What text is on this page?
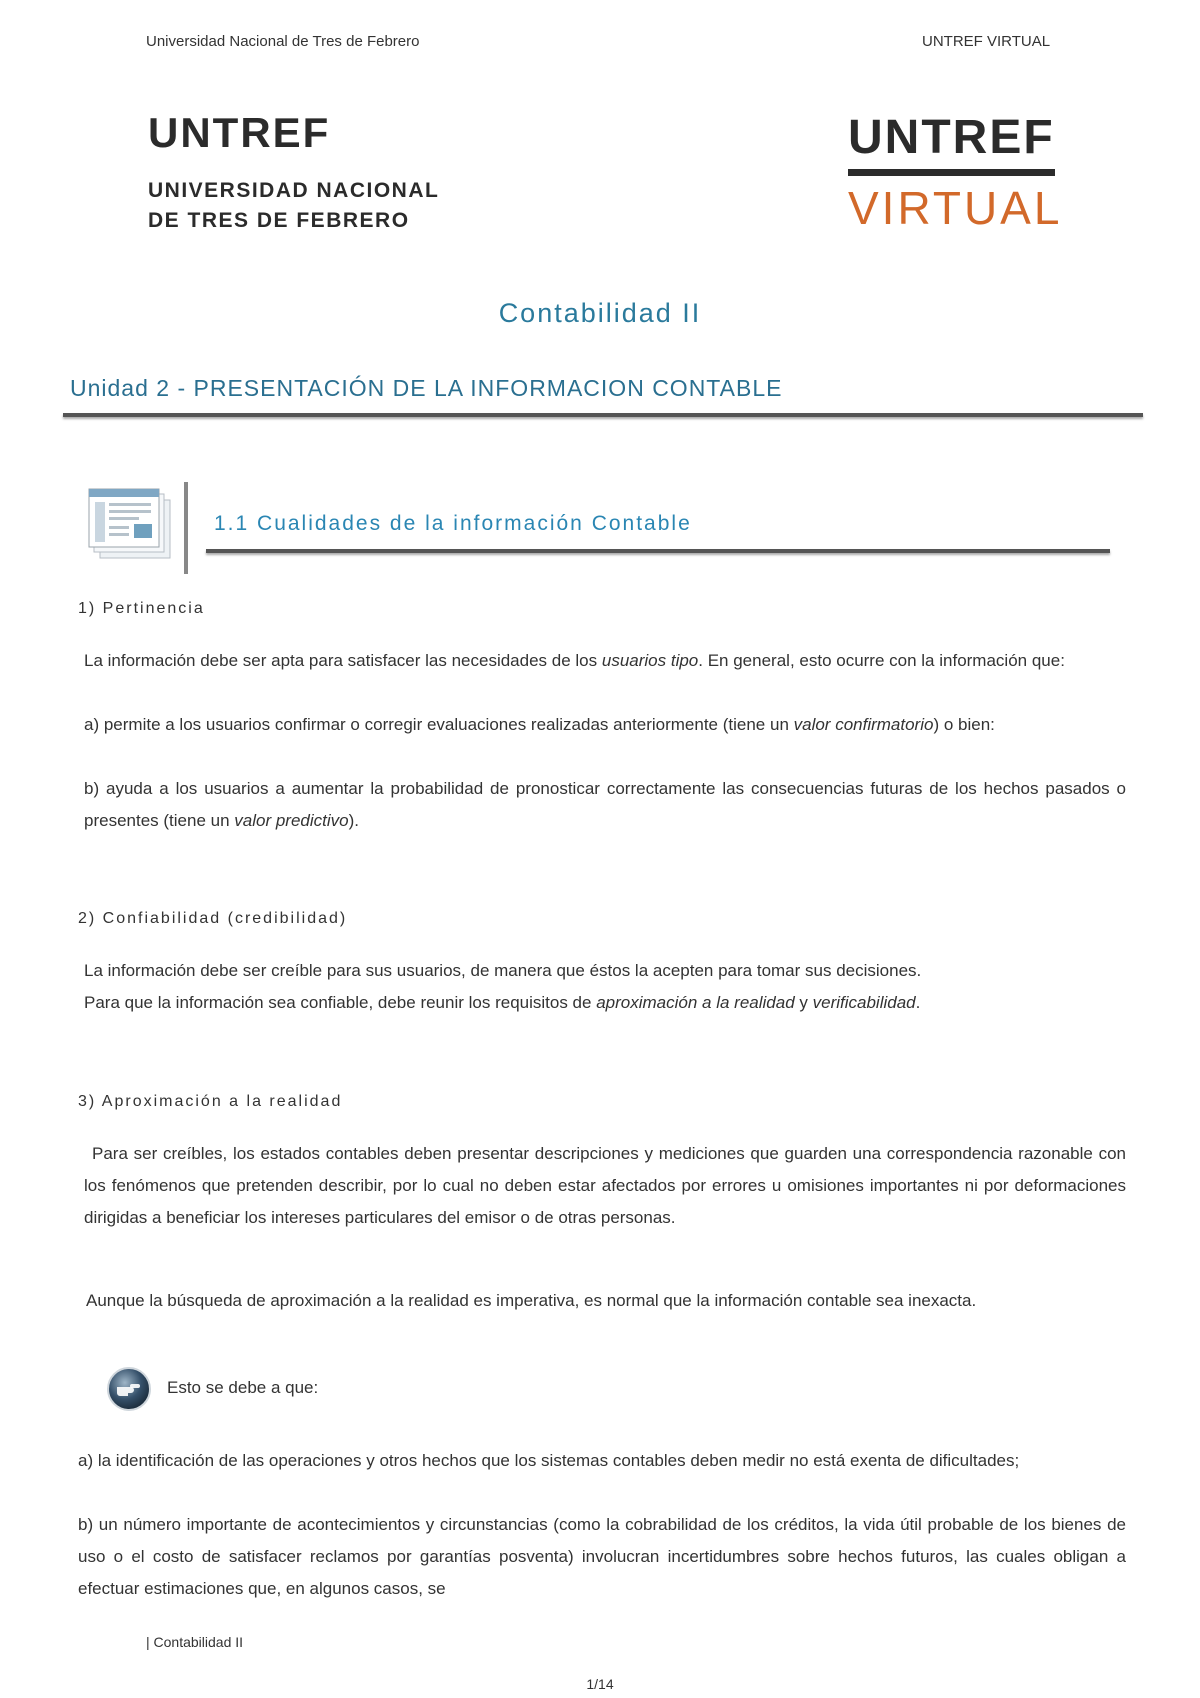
Universidad Nacional de Tres de Febrero	UNTREF VIRTUAL
UNTREF
UNIVERSIDAD NACIONAL
DE TRES DE FEBRERO
UNTREF
VIRTUAL
Contabilidad II
Unidad 2 - PRESENTACIÓN DE LA INFORMACION CONTABLE
1.1 Cualidades de la información Contable
1) Pertinencia
La información debe ser apta para satisfacer las necesidades de los usuarios tipo. En general, esto ocurre con la información que:
a) permite a los usuarios confirmar o corregir evaluaciones realizadas anteriormente (tiene un valor confirmatorio) o bien:
b) ayuda a los usuarios a aumentar la probabilidad de pronosticar correctamente las consecuencias futuras de los hechos pasados o presentes (tiene un valor predictivo).
2) Confiabilidad (credibilidad)
La información debe ser creíble para sus usuarios, de manera que éstos la acepten para tomar sus decisiones.
Para que la información sea confiable, debe reunir los requisitos de aproximación a la realidad y verificabilidad.
3) Aproximación a la realidad
Para ser creíbles, los estados contables deben presentar descripciones y mediciones que guarden una correspondencia razonable con los fenómenos que pretenden describir, por lo cual no deben estar afectados por errores u omisiones importantes ni por deformaciones dirigidas a beneficiar los intereses particulares del emisor o de otras personas.
Aunque la búsqueda de aproximación a la realidad es imperativa, es normal que la información contable sea inexacta.
Esto se debe a que:
a) la identificación de las operaciones y otros hechos que los sistemas contables deben medir no está exenta de dificultades;
b) un número importante de acontecimientos y circunstancias (como la cobrabilidad de los créditos, la vida útil probable de los bienes de uso o el costo de satisfacer reclamos por garantías posventa) involucran incertidumbres sobre hechos futuros, las cuales obligan a efectuar estimaciones que, en algunos casos, se
| Contabilidad II
1/14
